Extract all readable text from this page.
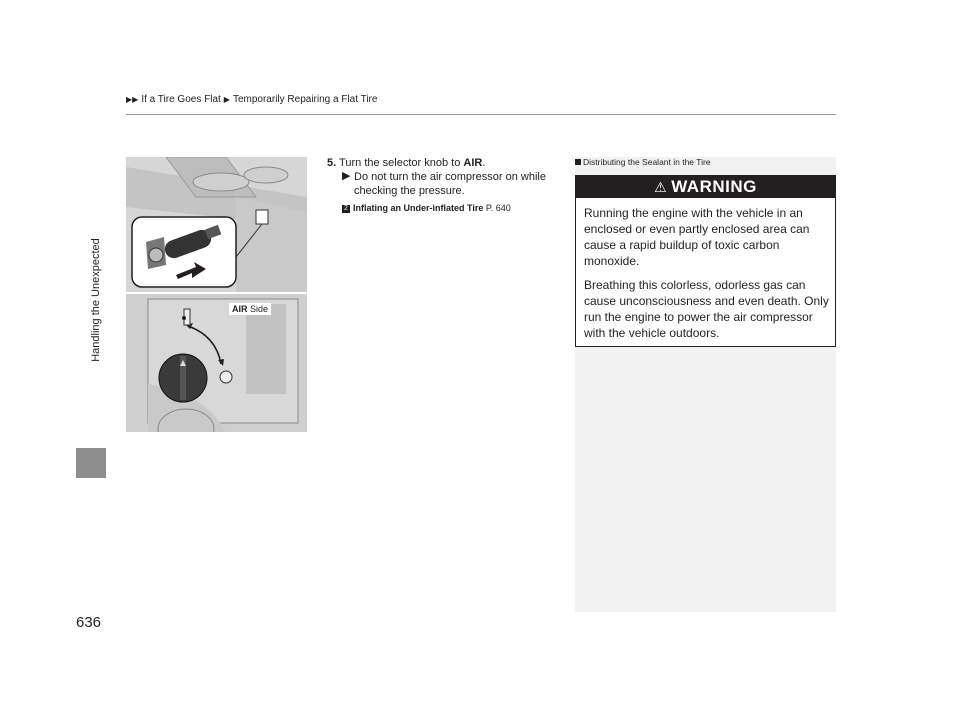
▶▶ If a Tire Goes Flat ▶ Temporarily Repairing a Flat Tire
Handling the Unexpected
636
AIR Side
5. Turn the selector knob to AIR.
▶ Do not turn the air compressor on while checking the pressure.
2 Inflating an Under-inflated Tire P. 640
Distributing the Sealant in the Tire
⚠ WARNING
Running the engine with the vehicle in an enclosed or even partly enclosed area can cause a rapid buildup of toxic carbon monoxide.
Breathing this colorless, odorless gas can cause unconsciousness and even death. Only run the engine to power the air compressor with the vehicle outdoors.
